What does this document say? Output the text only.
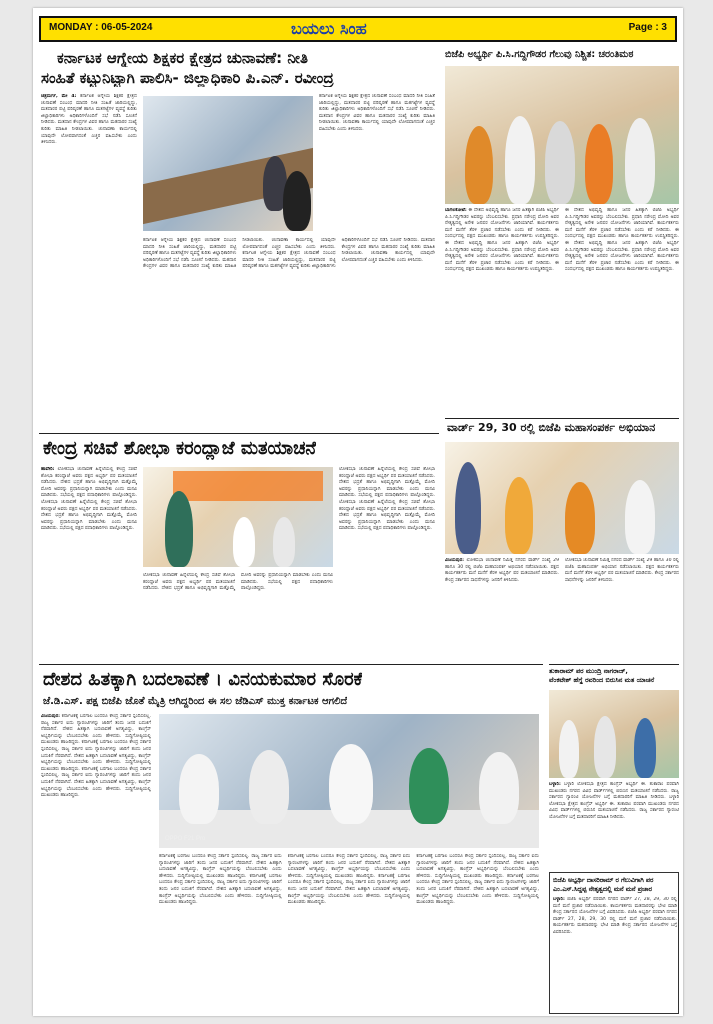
MONDAY : 06-05-2024	ಬಯಲು ಸಿಂಹ	Page : 3
ಕರ್ನಾಟಕ ಆಗ್ನೇಯ ಶಿಕ್ಷಕರ ಕ್ಷೇತ್ರದ ಚುನಾವಣೆ: ನೀತಿ
ಸಂಹಿತೆ ಕಟ್ಟುನಿಟ್ಟಾಗಿ ಪಾಲಿಸಿ- ಜಿಲ್ಲಾಧಿಕಾರಿ ಪಿ.ಎನ್. ರವೀಂದ್ರ
ಚಿತ್ರದುರ್ಗ, ಮೇ 4: ಕರ್ನಾಟಕ ಆಗ್ನೇಯ ಶಿಕ್ಷಕರ ಕ್ಷೇತ್ರದ ಚುನಾವಣೆ ಸಂಬಂಧ ಮಾದರಿ ನೀತಿ ಸಂಹಿತೆ ಜಾರಿಯಲ್ಲಿದ್ದು, ಮತದಾರರ ಪಟ್ಟಿ ಪರಿಷ್ಕರಣೆ ಹಾಗೂ ಮತಗಟ್ಟೆಗಳ ವ್ಯವಸ್ಥೆ ಕುರಿತು ಜಿಲ್ಲಾಧಿಕಾರಿಗಳು ಅಧಿಕಾರಿಗಳೊಂದಿಗೆ ಸಭೆ ನಡೆಸಿ ಸೂಚನೆ ನೀಡಿದರು. ಮತದಾನ ಕೇಂದ್ರಗಳ ವಿವರ ಹಾಗೂ ಮತದಾರರ ಸಂಖ್ಯೆ ಕುರಿತು ಮಾಹಿತಿ ನೀಡಲಾಯಿತು. ಚುನಾವಣಾ ಕಾರ್ಯದಲ್ಲಿ ಯಾವುದೇ ಲೋಪವಾಗದಂತೆ ಎಚ್ಚರ ವಹಿಸಬೇಕು ಎಂದು ತಿಳಿಸಿದರು.
ಕರ್ನಾಟಕ ಆಗ್ನೇಯ ಶಿಕ್ಷಕರ ಕ್ಷೇತ್ರದ ಚುನಾವಣೆ ಸಂಬಂಧ ಮಾದರಿ ನೀತಿ ಸಂಹಿತೆ ಜಾರಿಯಲ್ಲಿದ್ದು, ಮತದಾರರ ಪಟ್ಟಿ ಪರಿಷ್ಕರಣೆ ಹಾಗೂ ಮತಗಟ್ಟೆಗಳ ವ್ಯವಸ್ಥೆ ಕುರಿತು ಜಿಲ್ಲಾಧಿಕಾರಿಗಳು ಅಧಿಕಾರಿಗಳೊಂದಿಗೆ ಸಭೆ ನಡೆಸಿ ಸೂಚನೆ ನೀಡಿದರು. ಮತದಾನ ಕೇಂದ್ರಗಳ ವಿವರ ಹಾಗೂ ಮತದಾರರ ಸಂಖ್ಯೆ ಕುರಿತು ಮಾಹಿತಿ ನೀಡಲಾಯಿತು. ಚುನಾವಣಾ ಕಾರ್ಯದಲ್ಲಿ ಯಾವುದೇ ಲೋಪವಾಗದಂತೆ ಎಚ್ಚರ ವಹಿಸಬೇಕು ಎಂದು ತಿಳಿಸಿದರು.
ಕರ್ನಾಟಕ ಆಗ್ನೇಯ ಶಿಕ್ಷಕರ ಕ್ಷೇತ್ರದ ಚುನಾವಣೆ ಸಂಬಂಧ ಮಾದರಿ ನೀತಿ ಸಂಹಿತೆ ಜಾರಿಯಲ್ಲಿದ್ದು, ಮತದಾರರ ಪಟ್ಟಿ ಪರಿಷ್ಕರಣೆ ಹಾಗೂ ಮತಗಟ್ಟೆಗಳ ವ್ಯವಸ್ಥೆ ಕುರಿತು ಜಿಲ್ಲಾಧಿಕಾರಿಗಳು ಅಧಿಕಾರಿಗಳೊಂದಿಗೆ ಸಭೆ ನಡೆಸಿ ಸೂಚನೆ ನೀಡಿದರು. ಮತದಾನ ಕೇಂದ್ರಗಳ ವಿವರ ಹಾಗೂ ಮತದಾರರ ಸಂಖ್ಯೆ ಕುರಿತು ಮಾಹಿತಿ ನೀಡಲಾಯಿತು. ಚುನಾವಣಾ ಕಾರ್ಯದಲ್ಲಿ ಯಾವುದೇ ಲೋಪವಾಗದಂತೆ ಎಚ್ಚರ ವಹಿಸಬೇಕು ಎಂದು ತಿಳಿಸಿದರು. ಕರ್ನಾಟಕ ಆಗ್ನೇಯ ಶಿಕ್ಷಕರ ಕ್ಷೇತ್ರದ ಚುನಾವಣೆ ಸಂಬಂಧ ಮಾದರಿ ನೀತಿ ಸಂಹಿತೆ ಜಾರಿಯಲ್ಲಿದ್ದು, ಮತದಾರರ ಪಟ್ಟಿ ಪರಿಷ್ಕರಣೆ ಹಾಗೂ ಮತಗಟ್ಟೆಗಳ ವ್ಯವಸ್ಥೆ ಕುರಿತು ಜಿಲ್ಲಾಧಿಕಾರಿಗಳು ಅಧಿಕಾರಿಗಳೊಂದಿಗೆ ಸಭೆ ನಡೆಸಿ ಸೂಚನೆ ನೀಡಿದರು. ಮತದಾನ ಕೇಂದ್ರಗಳ ವಿವರ ಹಾಗೂ ಮತದಾರರ ಸಂಖ್ಯೆ ಕುರಿತು ಮಾಹಿತಿ ನೀಡಲಾಯಿತು. ಚುನಾವಣಾ ಕಾರ್ಯದಲ್ಲಿ ಯಾವುದೇ ಲೋಪವಾಗದಂತೆ ಎಚ್ಚರ ವಹಿಸಬೇಕು ಎಂದು ತಿಳಿಸಿದರು.
ಬಿಜೆಪಿ ಅಭ್ಯರ್ಥಿ ಪಿ.ಸಿ.ಗದ್ದಿಗೌಡರ ಗೆಲುವು ನಿಶ್ಚಿತ: ಚರಂತಿಮಠ
ಬಾಗಲಕೋಟೆ: ಈ ದೇಶದ ಅಭಿವೃದ್ಧಿ ಹಾಗೂ ಜನರ ಹಿತಕ್ಕಾಗಿ ಬಿಜೆಪಿ ಅಭ್ಯರ್ಥಿ ಪಿ.ಸಿ.ಗದ್ದಿಗೌಡರ ಅವರನ್ನು ಬೆಂಬಲಿಸಬೇಕು. ಪ್ರಧಾನಿ ನರೇಂದ್ರ ಮೋದಿ ಅವರ ನೇತೃತ್ವದಲ್ಲಿ ಅನೇಕ ಜನಪರ ಯೋಜನೆಗಳು ಜಾರಿಯಾಗಿವೆ. ಕಾರ್ಯಕರ್ತರು ಮನೆ ಮನೆಗೆ ತೆರಳಿ ಪ್ರಚಾರ ನಡೆಸಬೇಕು ಎಂದು ಕರೆ ನೀಡಿದರು. ಈ ಸಂದರ್ಭದಲ್ಲಿ ಪಕ್ಷದ ಮುಖಂಡರು ಹಾಗೂ ಕಾರ್ಯಕರ್ತರು ಉಪಸ್ಥಿತರಿದ್ದರು. ಈ ದೇಶದ ಅಭಿವೃದ್ಧಿ ಹಾಗೂ ಜನರ ಹಿತಕ್ಕಾಗಿ ಬಿಜೆಪಿ ಅಭ್ಯರ್ಥಿ ಪಿ.ಸಿ.ಗದ್ದಿಗೌಡರ ಅವರನ್ನು ಬೆಂಬಲಿಸಬೇಕು. ಪ್ರಧಾನಿ ನರೇಂದ್ರ ಮೋದಿ ಅವರ ನೇತೃತ್ವದಲ್ಲಿ ಅನೇಕ ಜನಪರ ಯೋಜನೆಗಳು ಜಾರಿಯಾಗಿವೆ. ಕಾರ್ಯಕರ್ತರು ಮನೆ ಮನೆಗೆ ತೆರಳಿ ಪ್ರಚಾರ ನಡೆಸಬೇಕು ಎಂದು ಕರೆ ನೀಡಿದರು. ಈ ಸಂದರ್ಭದಲ್ಲಿ ಪಕ್ಷದ ಮುಖಂಡರು ಹಾಗೂ ಕಾರ್ಯಕರ್ತರು ಉಪಸ್ಥಿತರಿದ್ದರು.
ಈ ದೇಶದ ಅಭಿವೃದ್ಧಿ ಹಾಗೂ ಜನರ ಹಿತಕ್ಕಾಗಿ ಬಿಜೆಪಿ ಅಭ್ಯರ್ಥಿ ಪಿ.ಸಿ.ಗದ್ದಿಗೌಡರ ಅವರನ್ನು ಬೆಂಬಲಿಸಬೇಕು. ಪ್ರಧಾನಿ ನರೇಂದ್ರ ಮೋದಿ ಅವರ ನೇತೃತ್ವದಲ್ಲಿ ಅನೇಕ ಜನಪರ ಯೋಜನೆಗಳು ಜಾರಿಯಾಗಿವೆ. ಕಾರ್ಯಕರ್ತರು ಮನೆ ಮನೆಗೆ ತೆರಳಿ ಪ್ರಚಾರ ನಡೆಸಬೇಕು ಎಂದು ಕರೆ ನೀಡಿದರು. ಈ ಸಂದರ್ಭದಲ್ಲಿ ಪಕ್ಷದ ಮುಖಂಡರು ಹಾಗೂ ಕಾರ್ಯಕರ್ತರು ಉಪಸ್ಥಿತರಿದ್ದರು. ಈ ದೇಶದ ಅಭಿವೃದ್ಧಿ ಹಾಗೂ ಜನರ ಹಿತಕ್ಕಾಗಿ ಬಿಜೆಪಿ ಅಭ್ಯರ್ಥಿ ಪಿ.ಸಿ.ಗದ್ದಿಗೌಡರ ಅವರನ್ನು ಬೆಂಬಲಿಸಬೇಕು. ಪ್ರಧಾನಿ ನರೇಂದ್ರ ಮೋದಿ ಅವರ ನೇತೃತ್ವದಲ್ಲಿ ಅನೇಕ ಜನಪರ ಯೋಜನೆಗಳು ಜಾರಿಯಾಗಿವೆ. ಕಾರ್ಯಕರ್ತರು ಮನೆ ಮನೆಗೆ ತೆರಳಿ ಪ್ರಚಾರ ನಡೆಸಬೇಕು ಎಂದು ಕರೆ ನೀಡಿದರು. ಈ ಸಂದರ್ಭದಲ್ಲಿ ಪಕ್ಷದ ಮುಖಂಡರು ಹಾಗೂ ಕಾರ್ಯಕರ್ತರು ಉಪಸ್ಥಿತರಿದ್ದರು.
ವಾರ್ಡ್ 29, 30 ರಲ್ಲಿ ಬಿಜೆಪಿ ಮಹಾಸಂಪರ್ಕ ಅಭಿಯಾನ
ವಿಜಯಪುರ: ಲೋಕಸಭಾ ಚುನಾವಣೆ ನಿಮಿತ್ತ ನಗರದ ವಾರ್ಡ್ ಸಂಖ್ಯೆ 29 ಹಾಗೂ 30 ರಲ್ಲಿ ಬಿಜೆಪಿ ಮಹಾಸಂಪರ್ಕ ಅಭಿಯಾನ ನಡೆಸಲಾಯಿತು. ಪಕ್ಷದ ಕಾರ್ಯಕರ್ತರು ಮನೆ ಮನೆಗೆ ತೆರಳಿ ಅಭ್ಯರ್ಥಿ ಪರ ಮತಯಾಚನೆ ಮಾಡಿದರು. ಕೇಂದ್ರ ಸರ್ಕಾರದ ಸಾಧನೆಗಳನ್ನು ಜನರಿಗೆ ತಿಳಿಸಿದರು.
ಲೋಕಸಭಾ ಚುನಾವಣೆ ನಿಮಿತ್ತ ನಗರದ ವಾರ್ಡ್ ಸಂಖ್ಯೆ 29 ಹಾಗೂ 30 ರಲ್ಲಿ ಬಿಜೆಪಿ ಮಹಾಸಂಪರ್ಕ ಅಭಿಯಾನ ನಡೆಸಲಾಯಿತು. ಪಕ್ಷದ ಕಾರ್ಯಕರ್ತರು ಮನೆ ಮನೆಗೆ ತೆರಳಿ ಅಭ್ಯರ್ಥಿ ಪರ ಮತಯಾಚನೆ ಮಾಡಿದರು. ಕೇಂದ್ರ ಸರ್ಕಾರದ ಸಾಧನೆಗಳನ್ನು ಜನರಿಗೆ ತಿಳಿಸಿದರು.
ಕೇಂದ್ರ ಸಚಿವೆ ಶೋಭಾ ಕರಂದ್ಲಾಜೆ ಮತಯಾಚನೆ
ಹಾವೇರಿ: ಲೋಕಸಭಾ ಚುನಾವಣೆ ಹಿನ್ನೆಲೆಯಲ್ಲಿ ಕೇಂದ್ರ ಸಚಿವೆ ಶೋಭಾ ಕರಂದ್ಲಾಜೆ ಅವರು ಪಕ್ಷದ ಅಭ್ಯರ್ಥಿ ಪರ ಮತಯಾಚನೆ ನಡೆಸಿದರು. ದೇಶದ ಭದ್ರತೆ ಹಾಗೂ ಅಭಿವೃದ್ಧಿಗಾಗಿ ಮತ್ತೊಮ್ಮೆ ಮೋದಿ ಅವರನ್ನು ಪ್ರಧಾನಿಯನ್ನಾಗಿ ಮಾಡಬೇಕು ಎಂದು ಮನವಿ ಮಾಡಿದರು. ಸಭೆಯಲ್ಲಿ ಪಕ್ಷದ ಪದಾಧಿಕಾರಿಗಳು ಪಾಲ್ಗೊಂಡಿದ್ದರು. ಲೋಕಸಭಾ ಚುನಾವಣೆ ಹಿನ್ನೆಲೆಯಲ್ಲಿ ಕೇಂದ್ರ ಸಚಿವೆ ಶೋಭಾ ಕರಂದ್ಲಾಜೆ ಅವರು ಪಕ್ಷದ ಅಭ್ಯರ್ಥಿ ಪರ ಮತಯಾಚನೆ ನಡೆಸಿದರು. ದೇಶದ ಭದ್ರತೆ ಹಾಗೂ ಅಭಿವೃದ್ಧಿಗಾಗಿ ಮತ್ತೊಮ್ಮೆ ಮೋದಿ ಅವರನ್ನು ಪ್ರಧಾನಿಯನ್ನಾಗಿ ಮಾಡಬೇಕು ಎಂದು ಮನವಿ ಮಾಡಿದರು. ಸಭೆಯಲ್ಲಿ ಪಕ್ಷದ ಪದಾಧಿಕಾರಿಗಳು ಪಾಲ್ಗೊಂಡಿದ್ದರು.
ಲೋಕಸಭಾ ಚುನಾವಣೆ ಹಿನ್ನೆಲೆಯಲ್ಲಿ ಕೇಂದ್ರ ಸಚಿವೆ ಶೋಭಾ ಕರಂದ್ಲಾಜೆ ಅವರು ಪಕ್ಷದ ಅಭ್ಯರ್ಥಿ ಪರ ಮತಯಾಚನೆ ನಡೆಸಿದರು. ದೇಶದ ಭದ್ರತೆ ಹಾಗೂ ಅಭಿವೃದ್ಧಿಗಾಗಿ ಮತ್ತೊಮ್ಮೆ ಮೋದಿ ಅವರನ್ನು ಪ್ರಧಾನಿಯನ್ನಾಗಿ ಮಾಡಬೇಕು ಎಂದು ಮನವಿ ಮಾಡಿದರು. ಸಭೆಯಲ್ಲಿ ಪಕ್ಷದ ಪದಾಧಿಕಾರಿಗಳು ಪಾಲ್ಗೊಂಡಿದ್ದರು. ಲೋಕಸಭಾ ಚುನಾವಣೆ ಹಿನ್ನೆಲೆಯಲ್ಲಿ ಕೇಂದ್ರ ಸಚಿವೆ ಶೋಭಾ ಕರಂದ್ಲಾಜೆ ಅವರು ಪಕ್ಷದ ಅಭ್ಯರ್ಥಿ ಪರ ಮತಯಾಚನೆ ನಡೆಸಿದರು. ದೇಶದ ಭದ್ರತೆ ಹಾಗೂ ಅಭಿವೃದ್ಧಿಗಾಗಿ ಮತ್ತೊಮ್ಮೆ ಮೋದಿ ಅವರನ್ನು ಪ್ರಧಾನಿಯನ್ನಾಗಿ ಮಾಡಬೇಕು ಎಂದು ಮನವಿ ಮಾಡಿದರು. ಸಭೆಯಲ್ಲಿ ಪಕ್ಷದ ಪದಾಧಿಕಾರಿಗಳು ಪಾಲ್ಗೊಂಡಿದ್ದರು.
ಲೋಕಸಭಾ ಚುನಾವಣೆ ಹಿನ್ನೆಲೆಯಲ್ಲಿ ಕೇಂದ್ರ ಸಚಿವೆ ಶೋಭಾ ಕರಂದ್ಲಾಜೆ ಅವರು ಪಕ್ಷದ ಅಭ್ಯರ್ಥಿ ಪರ ಮತಯಾಚನೆ ನಡೆಸಿದರು. ದೇಶದ ಭದ್ರತೆ ಹಾಗೂ ಅಭಿವೃದ್ಧಿಗಾಗಿ ಮತ್ತೊಮ್ಮೆ ಮೋದಿ ಅವರನ್ನು ಪ್ರಧಾನಿಯನ್ನಾಗಿ ಮಾಡಬೇಕು ಎಂದು ಮನವಿ ಮಾಡಿದರು. ಸಭೆಯಲ್ಲಿ ಪಕ್ಷದ ಪದಾಧಿಕಾರಿಗಳು ಪಾಲ್ಗೊಂಡಿದ್ದರು.
ದೇಶದ ಹಿತಕ್ಕಾಗಿ ಬದಲಾವಣೆ । ವಿನಯಕುಮಾರ ಸೊರಕೆ
ಜೆ.ಡಿ.ಎಸ್. ಪಕ್ಷ ಬಿಜೆಪಿ ಜೊತೆ ಮೈತ್ರಿ ಆಗಿದ್ದರಿಂದ ಈ ಸಲ ಜೆಡಿಎಸ್ ಮುಕ್ತ ಕರ್ನಾಟಕ ಆಗಲಿದೆ
ವಿಜಯಪುರ: ಕರ್ನಾಟಕಕ್ಕೆ ಬರಗಾಲ ಬಂದರೂ ಕೇಂದ್ರ ಸರ್ಕಾರ ಸ್ಪಂದಿಸಲಿಲ್ಲ. ರಾಜ್ಯ ಸರ್ಕಾರ ಐದು ಗ್ಯಾರಂಟಿಗಳನ್ನು ಜಾರಿಗೆ ತಂದು ಜನರ ಬದುಕಿಗೆ ನೆರವಾಗಿದೆ. ದೇಶದ ಹಿತಕ್ಕಾಗಿ ಬದಲಾವಣೆ ಅಗತ್ಯವಿದ್ದು, ಕಾಂಗ್ರೆಸ್ ಅಭ್ಯರ್ಥಿಯನ್ನು ಬೆಂಬಲಿಸಬೇಕು ಎಂದು ಹೇಳಿದರು. ಸುದ್ದಿಗೋಷ್ಠಿಯಲ್ಲಿ ಮುಖಂಡರು ಹಾಜರಿದ್ದರು. ಕರ್ನಾಟಕಕ್ಕೆ ಬರಗಾಲ ಬಂದರೂ ಕೇಂದ್ರ ಸರ್ಕಾರ ಸ್ಪಂದಿಸಲಿಲ್ಲ. ರಾಜ್ಯ ಸರ್ಕಾರ ಐದು ಗ್ಯಾರಂಟಿಗಳನ್ನು ಜಾರಿಗೆ ತಂದು ಜನರ ಬದುಕಿಗೆ ನೆರವಾಗಿದೆ. ದೇಶದ ಹಿತಕ್ಕಾಗಿ ಬದಲಾವಣೆ ಅಗತ್ಯವಿದ್ದು, ಕಾಂಗ್ರೆಸ್ ಅಭ್ಯರ್ಥಿಯನ್ನು ಬೆಂಬಲಿಸಬೇಕು ಎಂದು ಹೇಳಿದರು. ಸುದ್ದಿಗೋಷ್ಠಿಯಲ್ಲಿ ಮುಖಂಡರು ಹಾಜರಿದ್ದರು. ಕರ್ನಾಟಕಕ್ಕೆ ಬರಗಾಲ ಬಂದರೂ ಕೇಂದ್ರ ಸರ್ಕಾರ ಸ್ಪಂದಿಸಲಿಲ್ಲ. ರಾಜ್ಯ ಸರ್ಕಾರ ಐದು ಗ್ಯಾರಂಟಿಗಳನ್ನು ಜಾರಿಗೆ ತಂದು ಜನರ ಬದುಕಿಗೆ ನೆರವಾಗಿದೆ. ದೇಶದ ಹಿತಕ್ಕಾಗಿ ಬದಲಾವಣೆ ಅಗತ್ಯವಿದ್ದು, ಕಾಂಗ್ರೆಸ್ ಅಭ್ಯರ್ಥಿಯನ್ನು ಬೆಂಬಲಿಸಬೇಕು ಎಂದು ಹೇಳಿದರು. ಸುದ್ದಿಗೋಷ್ಠಿಯಲ್ಲಿ ಮುಖಂಡರು ಹಾಜರಿದ್ದರು.
OPPO F21 Pro
ಕರ್ನಾಟಕಕ್ಕೆ ಬರಗಾಲ ಬಂದರೂ ಕೇಂದ್ರ ಸರ್ಕಾರ ಸ್ಪಂದಿಸಲಿಲ್ಲ. ರಾಜ್ಯ ಸರ್ಕಾರ ಐದು ಗ್ಯಾರಂಟಿಗಳನ್ನು ಜಾರಿಗೆ ತಂದು ಜನರ ಬದುಕಿಗೆ ನೆರವಾಗಿದೆ. ದೇಶದ ಹಿತಕ್ಕಾಗಿ ಬದಲಾವಣೆ ಅಗತ್ಯವಿದ್ದು, ಕಾಂಗ್ರೆಸ್ ಅಭ್ಯರ್ಥಿಯನ್ನು ಬೆಂಬಲಿಸಬೇಕು ಎಂದು ಹೇಳಿದರು. ಸುದ್ದಿಗೋಷ್ಠಿಯಲ್ಲಿ ಮುಖಂಡರು ಹಾಜರಿದ್ದರು. ಕರ್ನಾಟಕಕ್ಕೆ ಬರಗಾಲ ಬಂದರೂ ಕೇಂದ್ರ ಸರ್ಕಾರ ಸ್ಪಂದಿಸಲಿಲ್ಲ. ರಾಜ್ಯ ಸರ್ಕಾರ ಐದು ಗ್ಯಾರಂಟಿಗಳನ್ನು ಜಾರಿಗೆ ತಂದು ಜನರ ಬದುಕಿಗೆ ನೆರವಾಗಿದೆ. ದೇಶದ ಹಿತಕ್ಕಾಗಿ ಬದಲಾವಣೆ ಅಗತ್ಯವಿದ್ದು, ಕಾಂಗ್ರೆಸ್ ಅಭ್ಯರ್ಥಿಯನ್ನು ಬೆಂಬಲಿಸಬೇಕು ಎಂದು ಹೇಳಿದರು. ಸುದ್ದಿಗೋಷ್ಠಿಯಲ್ಲಿ ಮುಖಂಡರು ಹಾಜರಿದ್ದರು.
ಕರ್ನಾಟಕಕ್ಕೆ ಬರಗಾಲ ಬಂದರೂ ಕೇಂದ್ರ ಸರ್ಕಾರ ಸ್ಪಂದಿಸಲಿಲ್ಲ. ರಾಜ್ಯ ಸರ್ಕಾರ ಐದು ಗ್ಯಾರಂಟಿಗಳನ್ನು ಜಾರಿಗೆ ತಂದು ಜನರ ಬದುಕಿಗೆ ನೆರವಾಗಿದೆ. ದೇಶದ ಹಿತಕ್ಕಾಗಿ ಬದಲಾವಣೆ ಅಗತ್ಯವಿದ್ದು, ಕಾಂಗ್ರೆಸ್ ಅಭ್ಯರ್ಥಿಯನ್ನು ಬೆಂಬಲಿಸಬೇಕು ಎಂದು ಹೇಳಿದರು. ಸುದ್ದಿಗೋಷ್ಠಿಯಲ್ಲಿ ಮುಖಂಡರು ಹಾಜರಿದ್ದರು. ಕರ್ನಾಟಕಕ್ಕೆ ಬರಗಾಲ ಬಂದರೂ ಕೇಂದ್ರ ಸರ್ಕಾರ ಸ್ಪಂದಿಸಲಿಲ್ಲ. ರಾಜ್ಯ ಸರ್ಕಾರ ಐದು ಗ್ಯಾರಂಟಿಗಳನ್ನು ಜಾರಿಗೆ ತಂದು ಜನರ ಬದುಕಿಗೆ ನೆರವಾಗಿದೆ. ದೇಶದ ಹಿತಕ್ಕಾಗಿ ಬದಲಾವಣೆ ಅಗತ್ಯವಿದ್ದು, ಕಾಂಗ್ರೆಸ್ ಅಭ್ಯರ್ಥಿಯನ್ನು ಬೆಂಬಲಿಸಬೇಕು ಎಂದು ಹೇಳಿದರು. ಸುದ್ದಿಗೋಷ್ಠಿಯಲ್ಲಿ ಮುಖಂಡರು ಹಾಜರಿದ್ದರು.
ಕರ್ನಾಟಕಕ್ಕೆ ಬರಗಾಲ ಬಂದರೂ ಕೇಂದ್ರ ಸರ್ಕಾರ ಸ್ಪಂದಿಸಲಿಲ್ಲ. ರಾಜ್ಯ ಸರ್ಕಾರ ಐದು ಗ್ಯಾರಂಟಿಗಳನ್ನು ಜಾರಿಗೆ ತಂದು ಜನರ ಬದುಕಿಗೆ ನೆರವಾಗಿದೆ. ದೇಶದ ಹಿತಕ್ಕಾಗಿ ಬದಲಾವಣೆ ಅಗತ್ಯವಿದ್ದು, ಕಾಂಗ್ರೆಸ್ ಅಭ್ಯರ್ಥಿಯನ್ನು ಬೆಂಬಲಿಸಬೇಕು ಎಂದು ಹೇಳಿದರು. ಸುದ್ದಿಗೋಷ್ಠಿಯಲ್ಲಿ ಮುಖಂಡರು ಹಾಜರಿದ್ದರು. ಕರ್ನಾಟಕಕ್ಕೆ ಬರಗಾಲ ಬಂದರೂ ಕೇಂದ್ರ ಸರ್ಕಾರ ಸ್ಪಂದಿಸಲಿಲ್ಲ. ರಾಜ್ಯ ಸರ್ಕಾರ ಐದು ಗ್ಯಾರಂಟಿಗಳನ್ನು ಜಾರಿಗೆ ತಂದು ಜನರ ಬದುಕಿಗೆ ನೆರವಾಗಿದೆ. ದೇಶದ ಹಿತಕ್ಕಾಗಿ ಬದಲಾವಣೆ ಅಗತ್ಯವಿದ್ದು, ಕಾಂಗ್ರೆಸ್ ಅಭ್ಯರ್ಥಿಯನ್ನು ಬೆಂಬಲಿಸಬೇಕು ಎಂದು ಹೇಳಿದರು. ಸುದ್ದಿಗೋಷ್ಠಿಯಲ್ಲಿ ಮುಖಂಡರು ಹಾಜರಿದ್ದರು.
ತುಕಾರಾಮ್ ಪರ ಮುಂದ್ರಿ ನಾಗರಾಜ್,
ವೆಂಕಟೇಶ್ ಹೆಗ್ಡೆ ರವರಿಂದ ಬಿರುಸಿನ ಮತ ಯಾಚನೆ
ಬಳ್ಳಾರಿ: ಬಳ್ಳಾರಿ ಲೋಕಸಭಾ ಕ್ಷೇತ್ರದ ಕಾಂಗ್ರೆಸ್ ಅಭ್ಯರ್ಥಿ ಈ. ತುಕಾರಾಂ ಪರವಾಗಿ ಮುಖಂಡರು ನಗರದ ವಿವಿಧ ವಾರ್ಡ್‌ಗಳಲ್ಲಿ ಬಿರುಸಿನ ಮತಯಾಚನೆ ನಡೆಸಿದರು. ರಾಜ್ಯ ಸರ್ಕಾರದ ಗ್ಯಾರಂಟಿ ಯೋಜನೆಗಳ ಬಗ್ಗೆ ಮತದಾರರಿಗೆ ಮಾಹಿತಿ ನೀಡಿದರು. ಬಳ್ಳಾರಿ ಲೋಕಸಭಾ ಕ್ಷೇತ್ರದ ಕಾಂಗ್ರೆಸ್ ಅಭ್ಯರ್ಥಿ ಈ. ತುಕಾರಾಂ ಪರವಾಗಿ ಮುಖಂಡರು ನಗರದ ವಿವಿಧ ವಾರ್ಡ್‌ಗಳಲ್ಲಿ ಬಿರುಸಿನ ಮತಯಾಚನೆ ನಡೆಸಿದರು. ರಾಜ್ಯ ಸರ್ಕಾರದ ಗ್ಯಾರಂಟಿ ಯೋಜನೆಗಳ ಬಗ್ಗೆ ಮತದಾರರಿಗೆ ಮಾಹಿತಿ ನೀಡಿದರು.
ಬಿಜೆಪಿ ಅಭ್ಯರ್ಥಿ ದಾಸರಿರಾಮ್ ರ ಗೆಲುವಿಗಾಗಿ ಪರ
ಎಂ.ಎಸ್.ಸಿದ್ದಪ್ಪ ನೇತೃತ್ವದಲ್ಲಿ ಮನೆ ಮನೆ ಪ್ರಚಾರ
ಬಳ್ಳಾರಿ: ಬಿಜೆಪಿ ಅಭ್ಯರ್ಥಿ ಪರವಾಗಿ ನಗರದ ವಾರ್ಡ್ 27, 28, 29, 30 ರಲ್ಲಿ ಮನೆ ಮನೆ ಪ್ರಚಾರ ನಡೆಸಲಾಯಿತು. ಕಾರ್ಯಕರ್ತರು ಮತದಾರರನ್ನು ಭೇಟಿ ಮಾಡಿ ಕೇಂದ್ರ ಸರ್ಕಾರದ ಯೋಜನೆಗಳ ಬಗ್ಗೆ ವಿವರಿಸಿದರು. ಬಿಜೆಪಿ ಅಭ್ಯರ್ಥಿ ಪರವಾಗಿ ನಗರದ ವಾರ್ಡ್ 27, 28, 29, 30 ರಲ್ಲಿ ಮನೆ ಮನೆ ಪ್ರಚಾರ ನಡೆಸಲಾಯಿತು. ಕಾರ್ಯಕರ್ತರು ಮತದಾರರನ್ನು ಭೇಟಿ ಮಾಡಿ ಕೇಂದ್ರ ಸರ್ಕಾರದ ಯೋಜನೆಗಳ ಬಗ್ಗೆ ವಿವರಿಸಿದರು.
